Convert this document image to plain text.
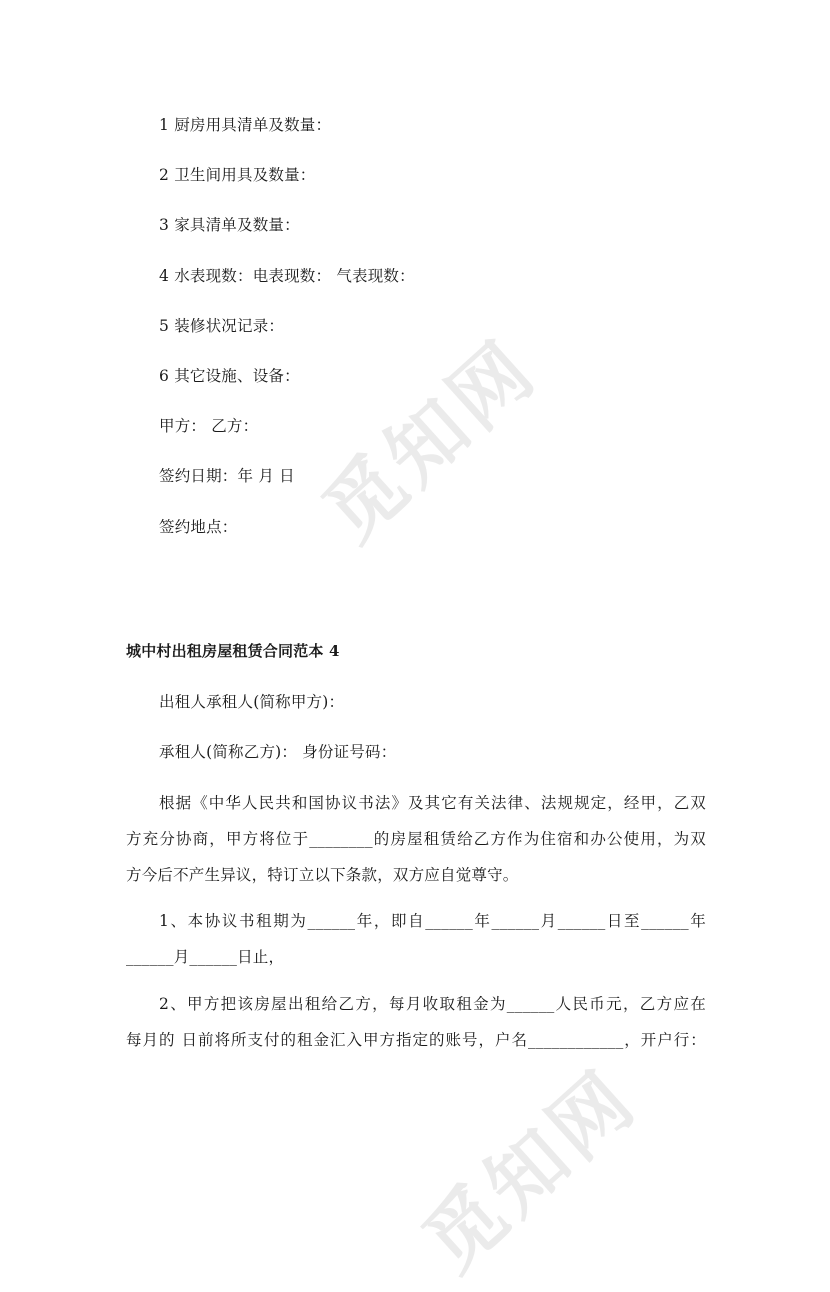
觅知网
觅知网
1 厨房用具清单及数量：
2 卫生间用具及数量：
3 家具清单及数量：
4 水表现数：电表现数： 气表现数：
5 装修状况记录：
6 其它设施、设备：
甲方： 乙方：
签约日期：年 月 日
签约地点：
城中村出租房屋租赁合同范本 4
出租人承租人(简称甲方)：
承租人(简称乙方)： 身份证号码：
根据《中华人民共和国协议书法》及其它有关法律、法规规定，经甲，乙双
方充分协商，甲方将位于________的房屋租赁给乙方作为住宿和办公使用，为双
方今后不产生异议，特订立以下条款，双方应自觉尊守。
1、本协议书租期为______年，即自______年______月______日至______年
______月______日止，
2、甲方把该房屋出租给乙方，每月收取租金为______人民币元，乙方应在
每月的 日前将所支付的租金汇入甲方指定的账号，户名____________，开户行：
